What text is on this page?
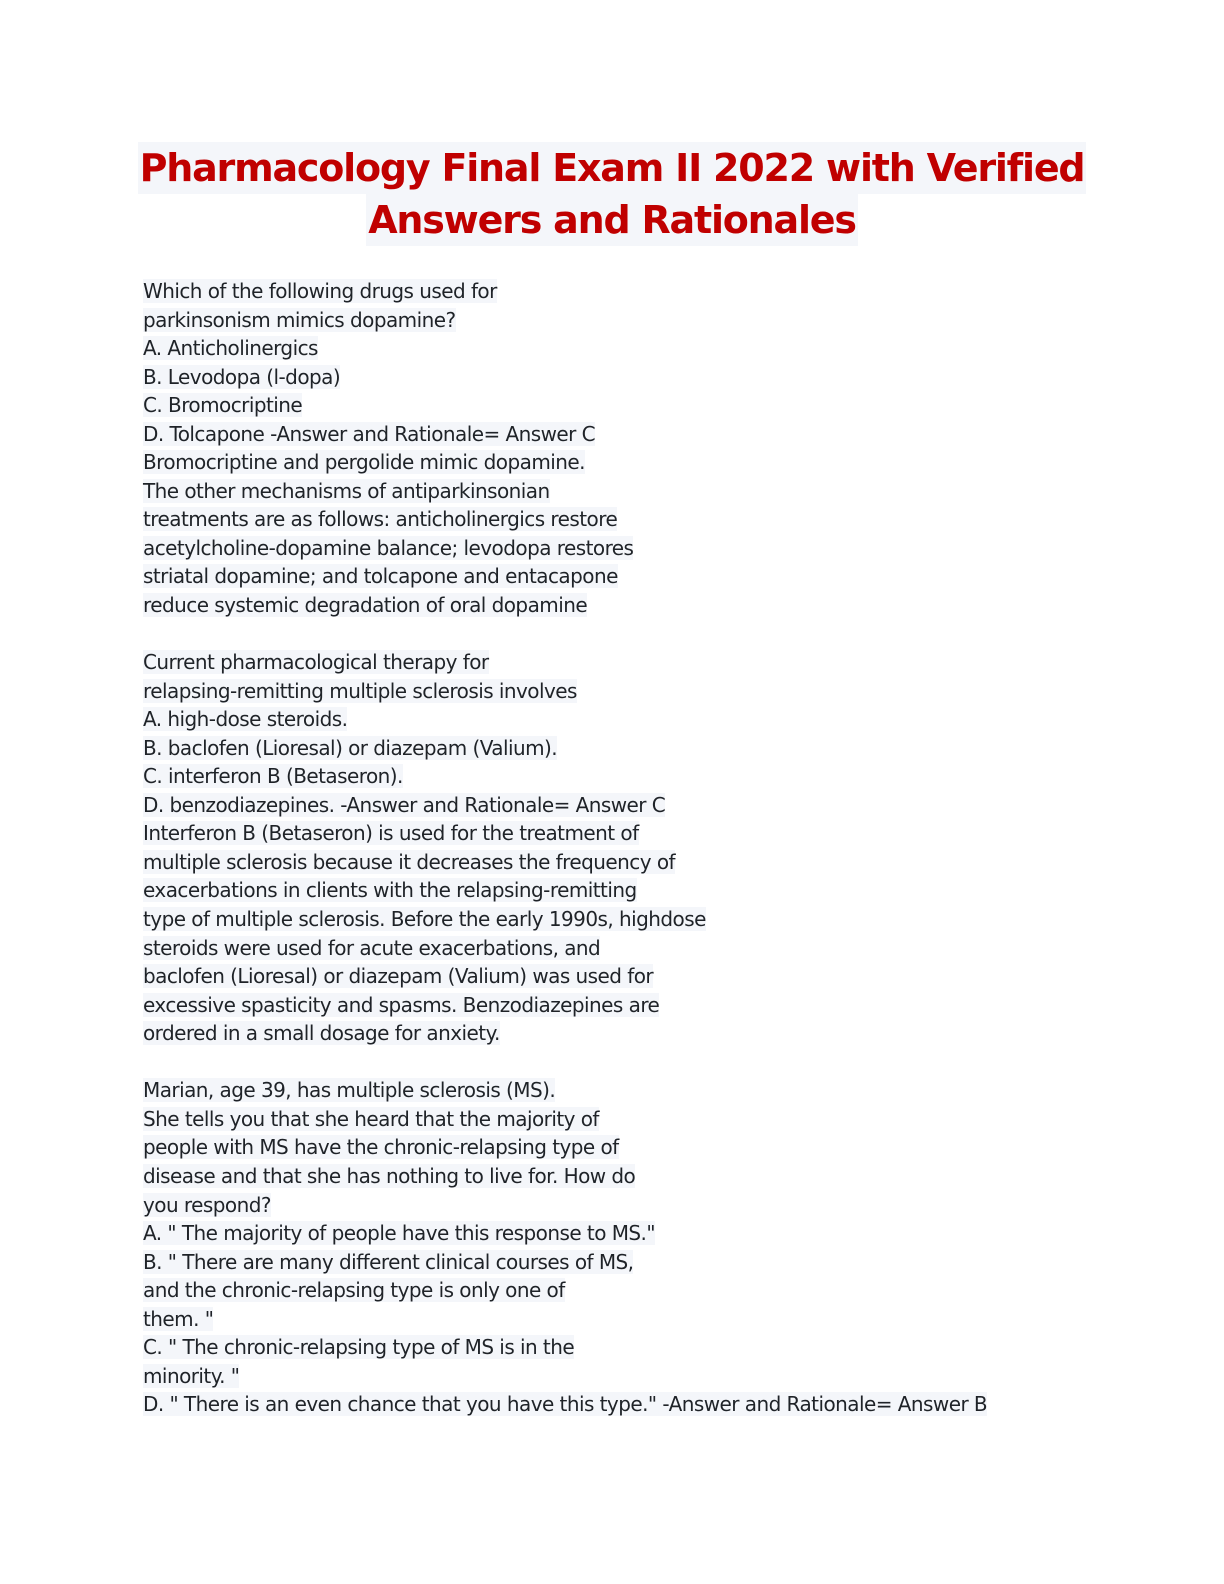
Pharmacology Final Exam II 2022 with Verified
Answers and Rationales
Which of the following drugs used for
parkinsonism mimics dopamine?
A. Anticholinergics
B. Levodopa (l-dopa)
C. Bromocriptine
D. Tolcapone -Answer and Rationale= Answer C
Bromocriptine and pergolide mimic dopamine.
The other mechanisms of antiparkinsonian
treatments are as follows: anticholinergics restore
acetylcholine-dopamine balance; levodopa restores
striatal dopamine; and tolcapone and entacapone
reduce systemic degradation of oral dopamine
Current pharmacological therapy for
relapsing-remitting multiple sclerosis involves
A. high-dose steroids.
B. baclofen (Lioresal) or diazepam (Valium).
C. interferon B (Betaseron).
D. benzodiazepines. -Answer and Rationale= Answer C
Interferon B (Betaseron) is used for the treatment of
multiple sclerosis because it decreases the frequency of
exacerbations in clients with the relapsing-remitting
type of multiple sclerosis. Before the early 1990s, highdose
steroids were used for acute exacerbations, and
baclofen (Lioresal) or diazepam (Valium) was used for
excessive spasticity and spasms. Benzodiazepines are
ordered in a small dosage for anxiety.
Marian, age 39, has multiple sclerosis (MS).
She tells you that she heard that the majority of
people with MS have the chronic-relapsing type of
disease and that she has nothing to live for. How do
you respond?
A. " The majority of people have this response to MS."
B. " There are many different clinical courses of MS,
and the chronic-relapsing type is only one of
them. "
C. " The chronic-relapsing type of MS is in the
minority. "
D. " There is an even chance that you have this type." -Answer and Rationale= Answer B
